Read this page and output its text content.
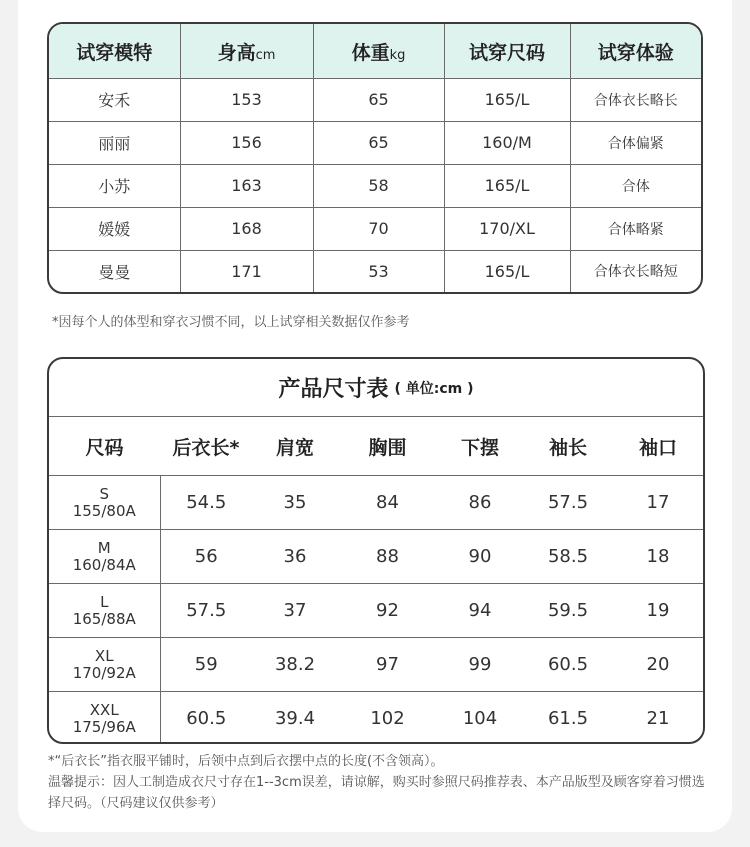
试穿模特	身高cm	体重kg	试穿尺码	试穿体验
安禾	153	65	165/L	合体衣长略长
丽丽	156	65	160/M	合体偏紧
小苏	163	58	165/L	合体
媛媛	168	70	170/XL	合体略紧
曼曼	171	53	165/L	合体衣长略短
*因每个人的体型和穿衣习惯不同，以上试穿相关数据仅作参考
产品尺寸表 ( 单位:cm )
尺码	后衣长*	肩宽	胸围	下摆	袖长	袖口

S
155/80A	54.5	35	84	86	57.5	17

M
160/84A	56	36	88	90	58.5	18

L
165/88A	57.5	37	92	94	59.5	19

XL
170/92A	59	38.2	97	99	60.5	20

XXL
175/96A	60.5	39.4	102	104	61.5	21
*“后衣长”指衣服平铺时，后领中点到后衣摆中点的长度(不含领高）。
温馨提示：因人工制造成衣尺寸存在1--3cm误差，请谅解，购买时参照尺码推荐表、本产品版型及顾客穿着习惯选择尺码。（尺码建议仅供参考）
